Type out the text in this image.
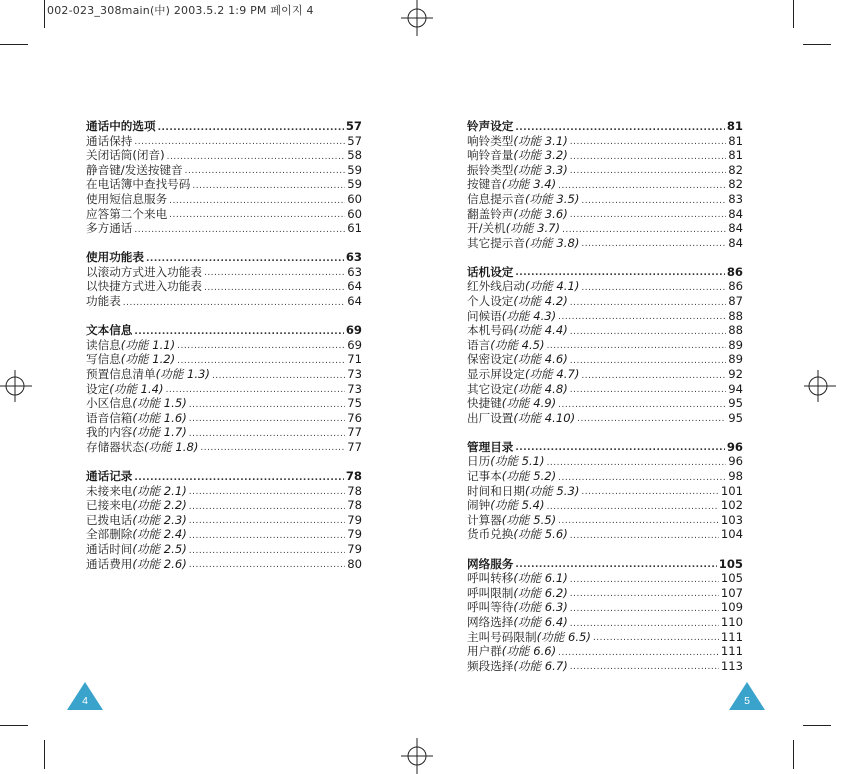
002-023_308main(中) 2003.5.2 1:9 PM 페이지 4
通话中的选项 .....	57
通话保持 .....	57
关闭话筒(闭音) .....	58
静音键/发送按键音 .....	59
在电话簿中查找号码 .....	59
使用短信息服务 .....	60
应答第二个来电 .....	60
多方通话 .....	61
使用功能表 .....	63
以滚动方式进入功能表 .....	63
以快捷方式进入功能表 .....	64
功能表 .....	64
文本信息 .....	69
读信息(功能 1.1) .....	69
写信息(功能 1.2) .....	71
预置信息清单(功能 1.3) .....	73
设定(功能 1.4) .....	73
小区信息(功能 1.5) .....	75
语音信箱(功能 1.6) .....	76
我的内容(功能 1.7) .....	77
存储器状态(功能 1.8) .....	77
通话记录 .....	78
未接来电(功能 2.1) .....	78
已接来电(功能 2.2) .....	78
已拨电话(功能 2.3) .....	79
全部删除(功能 2.4) .....	79
通话时间(功能 2.5) .....	79
通话费用(功能 2.6) .....	80
铃声设定 .....	81
响铃类型(功能 3.1) .....	81
响铃音量(功能 3.2) .....	81
振铃类型(功能 3.3) .....	82
按键音(功能 3.4) .....	82
信息提示音(功能 3.5) .....	83
翻盖铃声(功能 3.6) .....	84
开/关机(功能 3.7) .....	84
其它提示音(功能 3.8) .....	84
话机设定 .....	86
红外线启动(功能 4.1) .....	86
个人设定(功能 4.2) .....	87
问候语(功能 4.3) .....	88
本机号码(功能 4.4) .....	88
语言(功能 4.5) .....	89
保密设定(功能 4.6) .....	89
显示屏设定(功能 4.7) .....	92
其它设定(功能 4.8) .....	94
快捷键(功能 4.9) .....	95
出厂设置(功能 4.10) .....	95
管理目录 .....	96
日历(功能 5.1) .....	96
记事本(功能 5.2) .....	98
时间和日期(功能 5.3) .....	101
闹钟(功能 5.4) .....	102
计算器(功能 5.5) .....	103
货币兑换(功能 5.6) .....	104
网络服务 .....	105
呼叫转移(功能 6.1) .....	105
呼叫限制(功能 6.2) .....	107
呼叫等待(功能 6.3) .....	109
网络选择(功能 6.4) .....	110
主叫号码限制(功能 6.5) .....	111
用户群(功能 6.6) .....	111
频段选择(功能 6.7) .....	113
4	5
